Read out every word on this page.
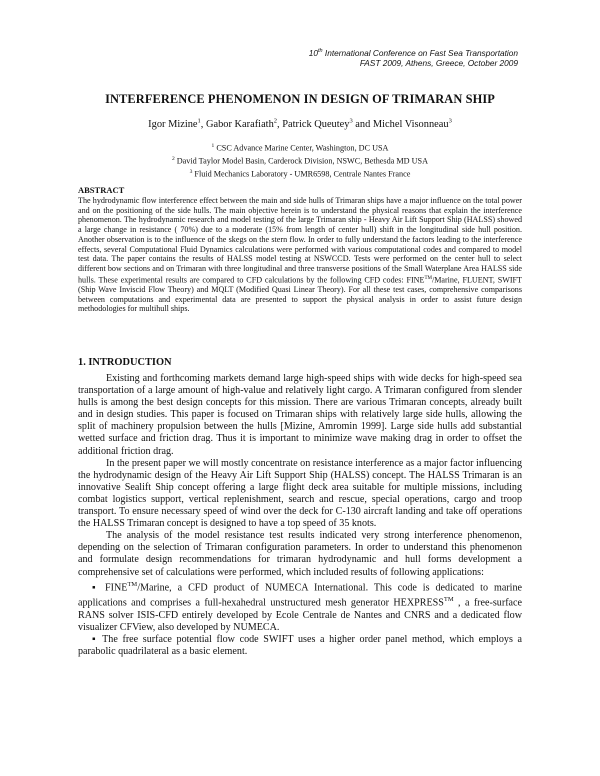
10th International Conference on Fast Sea Transportation
FAST 2009, Athens, Greece, October 2009
INTERFERENCE PHENOMENON IN DESIGN OF TRIMARAN SHIP
Igor Mizine$^1$, Gabor Karafiath$^2$, Patrick Queutey$^3$ and Michel Visonneau$^3$
$^1$ CSC Advance Marine Center, Washington, DC USA
$^2$ David Taylor Model Basin, Carderock Division, NSWC, Bethesda MD USA
$^3$ Fluid Mechanics Laboratory - UMR6598, Centrale Nantes France
ABSTRACT

The hydrodynamic flow interference effect between the main and side hulls of Trimaran ships have a major influence on the total power and on the positioning of the side hulls. The main objective herein is to understand the physical reasons that explain the interference phenomenon. The hydrodynamic research and model testing of the large Trimaran ship - Heavy Air Lift Support Ship (HALSS) showed a large change in resistance ( 70%) due to a moderate (15% from length of center hull) shift in the longitudinal side hull position. Another observation is to the influence of the skegs on the stern flow. In order to fully understand the factors leading to the interference effects, several Computational Fluid Dynamics calculations were performed with various computational codes and compared to model test data. The paper contains the results of HALSS model testing at NSWCCD. Tests were performed on the center hull to select different bow sections and on Trimaran with three longitudinal and three transverse positions of the Small Waterplane Area HALSS side hulls. These experimental results are compared to CFD calculations by the following CFD codes: FINE™/Marine, FLUENT, SWIFT (Ship Wave Inviscid Flow Theory) and MQLT (Modified Quasi Linear Theory). For all these test cases, comprehensive comparisons between computations and experimental data are presented to support the physical analysis in order to assist future design methodologies for multihull ships.

1. INTRODUCTION

Existing and forthcoming markets demand large high-speed ships with wide decks for high-speed sea transportation of a large amount of high-value and relatively light cargo. A Trimaran configured from slender hulls is among the best design concepts for this mission. There are various Trimaran concepts, already built and in design studies. This paper is focused on Trimaran ships with relatively large side hulls, allowing the split of machinery propulsion between the hulls [Mizine, Amromin 1999]. Large side hulls add substantial wetted surface and friction drag. Thus it is important to minimize wave making drag in order to offset the additional friction drag.

In the present paper we will mostly concentrate on resistance interference as a major factor influencing the hydrodynamic design of the Heavy Air Lift Support Ship (HALSS) concept. The HALSS Trimaran is an innovative Sealift Ship concept offering a large flight deck area suitable for multiple missions, including combat logistics support, vertical replenishment, search and rescue, special operations, cargo and troop transport. To ensure necessary speed of wind over the deck for C-130 aircraft landing and take off operations the HALSS Trimaran concept is designed to have a top speed of 35 knots.

The analysis of the model resistance test results indicated very strong interference phenomenon, depending on the selection of Trimaran configuration parameters. In order to understand this phenomenon and formulate design recommendations for trimaran hydrodynamic and hull forms development a comprehensive set of calculations were performed, which included results of following applications:

▪ FINE™/Marine, a CFD product of NUMECA International. This code is dedicated to marine applications and comprises a full-hexahedral unstructured mesh generator HEXPRESS™ , a free-surface RANS solver ISIS-CFD entirely developed by Ecole Centrale de Nantes and CNRS and a dedicated flow visualizer CFView, also developed by NUMECA.

▪ The free surface potential flow code SWIFT uses a higher order panel method, which employs a parabolic quadrilateral as a basic element.
